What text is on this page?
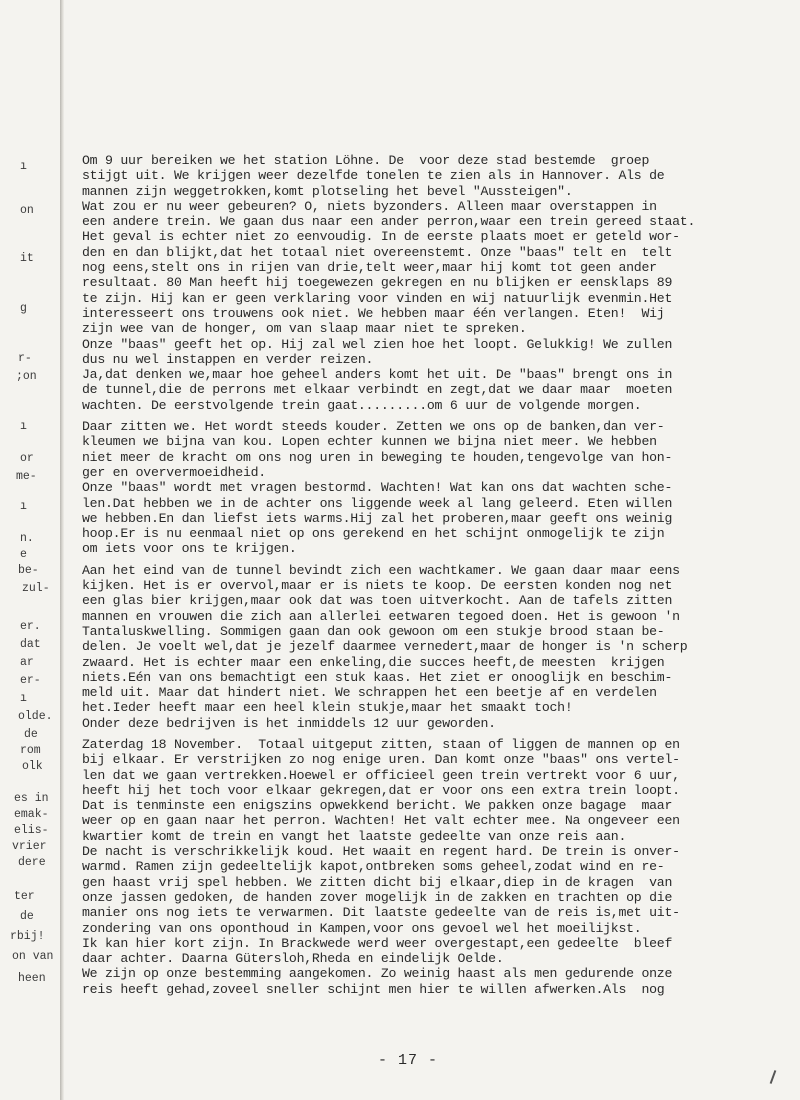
ı
on
it
g
r-
;on
ı
or
me-
ı
n.
e
be-
zul-
er.
dat
ar
er-
ı
olde.
de
rom
olk
es in
emak-
elis-
vrier
dere
ter
de
rbij!
on van
heen
Om 9 uur bereiken we het station Löhne. De  voor deze stad bestemde  groep
stijgt uit. We krijgen weer dezelfde tonelen te zien als in Hannover. Als de
mannen zijn weggetrokken,komt plotseling het bevel "Aussteigen".
Wat zou er nu weer gebeuren? O, niets byzonders. Alleen maar overstappen in
een andere trein. We gaan dus naar een ander perron,waar een trein gereed staat.
Het geval is echter niet zo eenvoudig. In de eerste plaats moet er geteld wor-
den en dan blijkt,dat het totaal niet overeenstemt. Onze "baas" telt en  telt
nog eens,stelt ons in rijen van drie,telt weer,maar hij komt tot geen ander
resultaat. 80 Man heeft hij toegewezen gekregen en nu blijken er eensklaps 89
te zijn. Hij kan er geen verklaring voor vinden en wij natuurlijk evenmin.Het
interesseert ons trouwens ook niet. We hebben maar één verlangen. Eten!  Wij
zijn wee van de honger, om van slaap maar niet te spreken.
Onze "baas" geeft het op. Hij zal wel zien hoe het loopt. Gelukkig! We zullen
dus nu wel instappen en verder reizen.
Ja,dat denken we,maar hoe geheel anders komt het uit. De "baas" brengt ons in
de tunnel,die de perrons met elkaar verbindt en zegt,dat we daar maar  moeten
wachten. De eerstvolgende trein gaat.........om 6 uur de volgende morgen.
Daar zitten we. Het wordt steeds kouder. Zetten we ons op de banken,dan ver-
kleumen we bijna van kou. Lopen echter kunnen we bijna niet meer. We hebben
niet meer de kracht om ons nog uren in beweging te houden,tengevolge van hon-
ger en oververmoeidheid.
Onze "baas" wordt met vragen bestormd. Wachten! Wat kan ons dat wachten sche-
len.Dat hebben we in de achter ons liggende week al lang geleerd. Eten willen
we hebben.En dan liefst iets warms.Hij zal het proberen,maar geeft ons weinig
hoop.Er is nu eenmaal niet op ons gerekend en het schijnt onmogelijk te zijn
om iets voor ons te krijgen.
Aan het eind van de tunnel bevindt zich een wachtkamer. We gaan daar maar eens
kijken. Het is er overvol,maar er is niets te koop. De eersten konden nog net
een glas bier krijgen,maar ook dat was toen uitverkocht. Aan de tafels zitten
mannen en vrouwen die zich aan allerlei eetwaren tegoed doen. Het is gewoon 'n
Tantaluskwelling. Sommigen gaan dan ook gewoon om een stukje brood staan be-
delen. Je voelt wel,dat je jezelf daarmee vernedert,maar de honger is 'n scherp
zwaard. Het is echter maar een enkeling,die succes heeft,de meesten  krijgen
niets.Eén van ons bemachtigt een stuk kaas. Het ziet er onooglijk en beschim-
meld uit. Maar dat hindert niet. We schrappen het een beetje af en verdelen
het.Ieder heeft maar een heel klein stukje,maar het smaakt toch!
Onder deze bedrijven is het inmiddels 12 uur geworden.
Zaterdag 18 November.  Totaal uitgeput zitten, staan of liggen de mannen op en
bij elkaar. Er verstrijken zo nog enige uren. Dan komt onze "baas" ons vertel-
len dat we gaan vertrekken.Hoewel er officieel geen trein vertrekt voor 6 uur,
heeft hij het toch voor elkaar gekregen,dat er voor ons een extra trein loopt.
Dat is tenminste een enigszins opwekkend bericht. We pakken onze bagage  maar
weer op en gaan naar het perron. Wachten! Het valt echter mee. Na ongeveer een
kwartier komt de trein en vangt het laatste gedeelte van onze reis aan.
De nacht is verschrikkelijk koud. Het waait en regent hard. De trein is onver-
warmd. Ramen zijn gedeeltelijk kapot,ontbreken soms geheel,zodat wind en re-
gen haast vrij spel hebben. We zitten dicht bij elkaar,diep in de kragen  van
onze jassen gedoken, de handen zover mogelijk in de zakken en trachten op die
manier ons nog iets te verwarmen. Dit laatste gedeelte van de reis is,met uit-
zondering van ons oponthoud in Kampen,voor ons gevoel wel het moeilijkst.
Ik kan hier kort zijn. In Brackwede werd weer overgestapt,een gedeelte  bleef
daar achter. Daarna Gütersloh,Rheda en eindelijk Oelde.
We zijn op onze bestemming aangekomen. Zo weinig haast als men gedurende onze
reis heeft gehad,zoveel sneller schijnt men hier te willen afwerken.Als  nog
- 17 -
